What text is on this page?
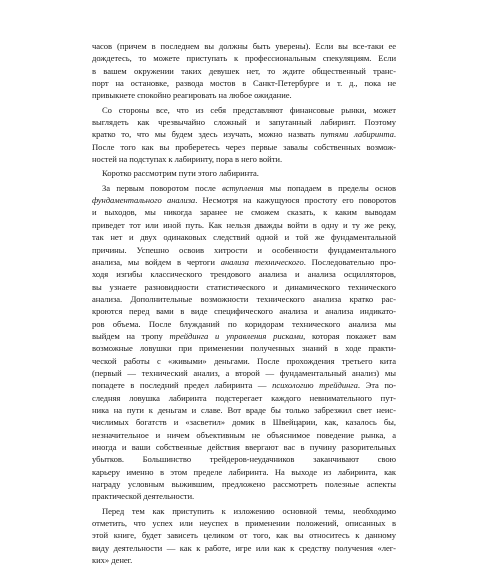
часов (причем в последнем вы должны быть уверены). Если вы все-таки ее
дождетесь, то можете приступать к профессиональным спекуляциям. Если
в вашем окружении таких девушек нет, то ждите общественный транс-
порт на остановке, развода мостов в Санкт-Петербурге и т. д., пока не
привыкнете спокойно реагировать на любое ожидание.

Со стороны все, что из себя представляют финансовые рынки, может
выглядеть как чрезвычайно сложный и запутанный лабиринт. Поэтому
кратко то, что мы будем здесь изучать, можно назвать путями лабиринта.
После того как вы проберетесь через первые завалы собственных возмож-
ностей на подступах к лабиринту, пора в него войти.

Коротко рассмотрим пути этого лабиринта.

За первым поворотом после вступления мы попадаем в пределы основ
фундаментального анализа. Несмотря на кажущуюся простоту его поворотов
и выходов, мы никогда заранее не сможем сказать, к каким выводам
приведет тот или иной путь. Как нельзя дважды войти в одну и ту же реку,
так нет и двух одинаковых следствий одной и той же фундаментальной
причины. Успешно освоив хитрости и особенности фундаментального
анализа, мы войдем в чертоги анализа технического. Последовательно про-
ходя изгибы классического трендового анализа и анализа осцилляторов,
вы узнаете разновидности статистического и динамического технического
анализа. Дополнительные возможности технического анализа кратко рас-
кроются перед вами в виде специфического анализа и анализа индикато-
ров объема. После блужданий по коридорам технического анализа мы
выйдем на тропу трейдинга и управления рисками, которая покажет вам
возможные ловушки при применении полученных знаний в ходе практи-
ческой работы с «живыми» деньгами. После прохождения третьего кита
(первый — технический анализ, а второй — фундаментальный анализ) мы
попадете в последний предел лабиринта — психологию трейдинга. Эта по-
следняя ловушка лабиринта подстерегает каждого невнимательного пут-
ника на пути к деньгам и славе. Вот враде бы только забрезжил свет неис-
числимых богатств и «засветил» домик в Швейцарии, как, казалось бы,
незначительное и ничем объективным не объяснимое поведение рынка, а
иногда и ваши собственные действия ввергают вас в пучину разорительных
убытков. Большинство трейдеров-неудачников заканчивают свою
карьеру именно в этом пределе лабиринта. На выходе из лабиринта, как
награду условным выжившим, предложено рассмотреть полезные аспекты
практической деятельности.

Перед тем как приступить к изложению основной темы, необходимо
отметить, что успех или неуспех в применении положений, описанных в
этой книге, будет зависеть целиком от того, как вы относитесь к данному
виду деятельности — как к работе, игре или как к средству получения «лег-
ких» денег.
